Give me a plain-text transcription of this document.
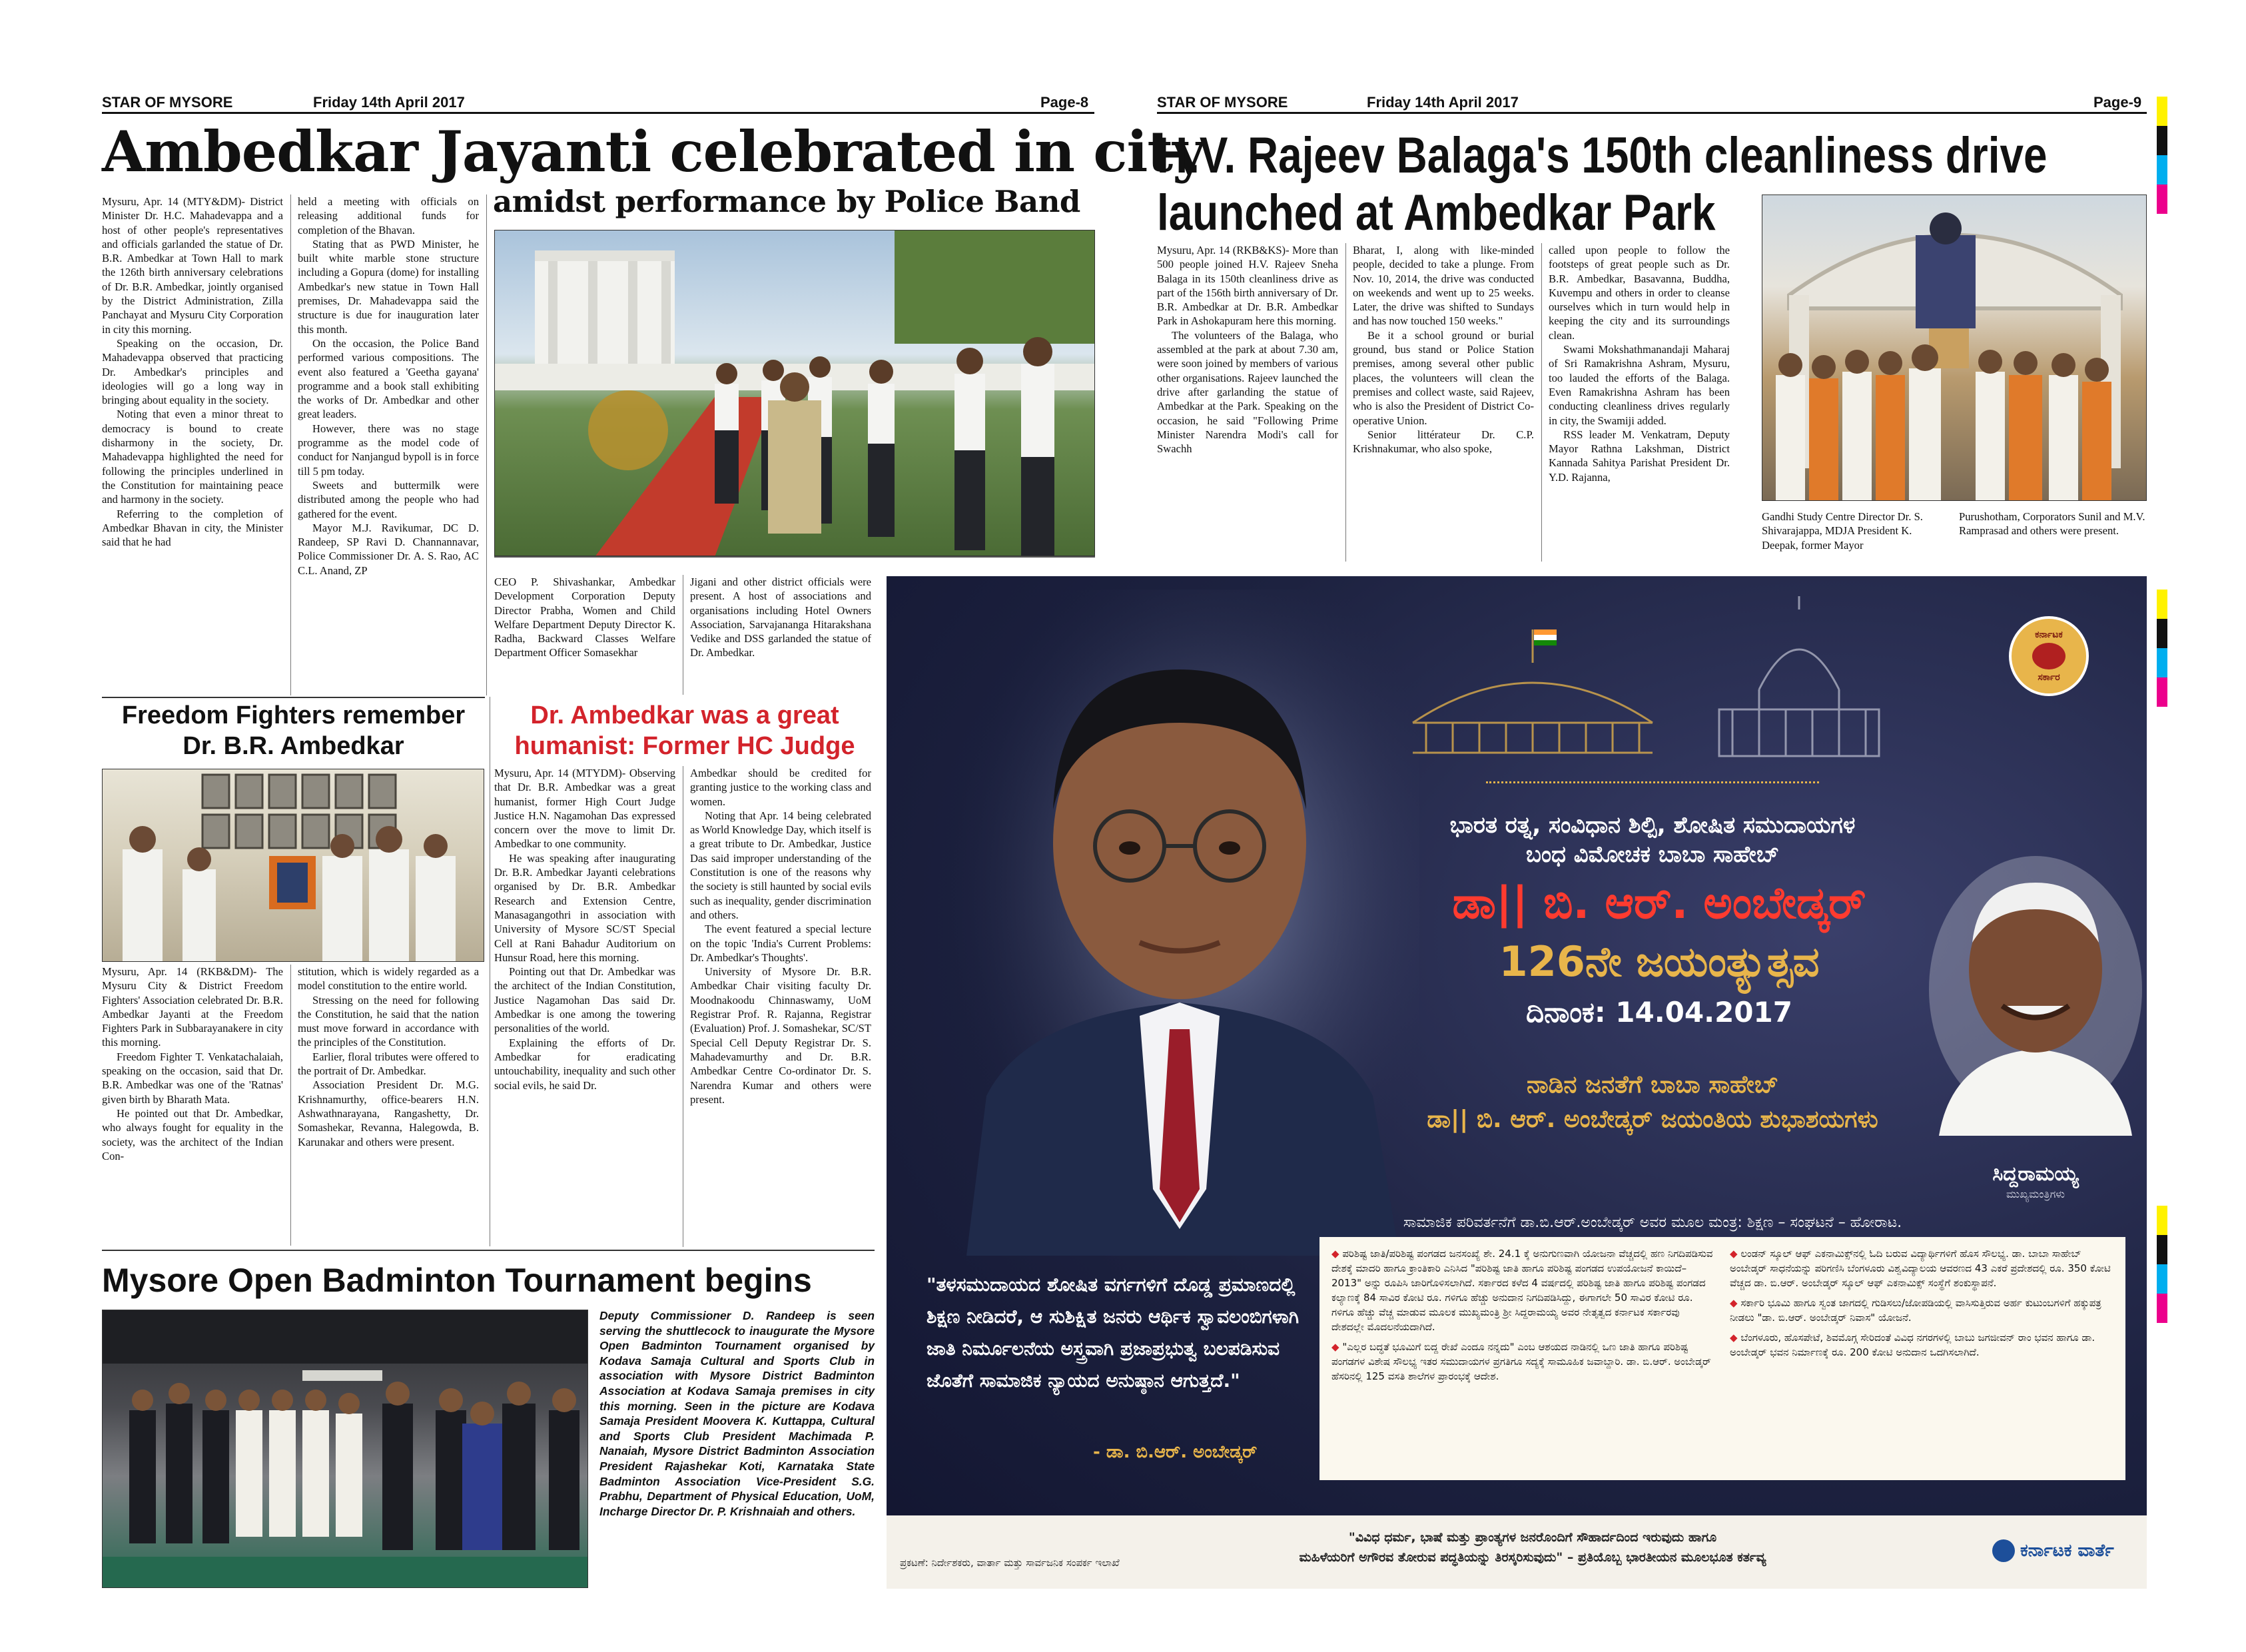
STAR OF MYSORE	Friday 14th April 2017	Page-8	STAR OF MYSORE	Friday 14th April 2017	Page-9
Ambedkar Jayanti celebrated in city
amidst performance by Police Band

Mysuru, Apr. 14 (MTY&DM)- District Minister Dr. H.C. Mahadevappa and a host of other people's representatives and officials garlanded the statue of Dr. B.R. Ambedkar at Town Hall to mark the 126th birth anniversary celebrations of Dr. B.R. Ambedkar, jointly organised by the District Administration, Zilla Panchayat and Mysuru City Corporation in city this morning.

Speaking on the occasion, Dr. Mahadevappa observed that practicing Dr. Ambedkar's principles and ideologies will go a long way in bringing about equality in the society.

Noting that even a minor threat to democracy is bound to create disharmony in the society, Dr. Mahadevappa highlighted the need for following the principles underlined in the Constitution for maintaining peace and harmony in the society.

Referring to the completion of Ambedkar Bhavan in city, the Minister said that he had

held a meeting with officials on releasing additional funds for completion of the Bhavan.

Stating that as PWD Minister, he built white marble stone structure including a Gopura (dome) for installing Ambedkar's new statue in Town Hall premises, Dr. Mahadevappa said the structure is due for inauguration later this month.

On the occasion, the Police Band performed various compositions. The event also featured a 'Geetha gayana' programme and a book stall exhibiting the works of Dr. Ambedkar and other great leaders.

However, there was no stage programme as the model code of conduct for Nanjangud bypoll is in force till 5 pm today.

Sweets and buttermilk were distributed among the people who had gathered for the event.

Mayor M.J. Ravikumar, DC D. Randeep, SP Ravi D. Channannavar, Police Commissioner Dr. A. S. Rao, AC C.L. Anand, ZP

CEO P. Shivashankar, Ambedkar Development Corporation Deputy Director Prabha, Women and Child Welfare Department Deputy Director K. Radha, Backward Classes Welfare Department Officer Somasekhar

Jigani and other district officials were present. A host of associations and organisations including Hotel Owners Association, Sarvajananga Hitarakshana Vedike and DSS garlanded the statue of Dr. Ambedkar.

Freedom Fighters remember
Dr. B.R. Ambedkar

Mysuru, Apr. 14 (RKB&DM)- The Mysuru City & District Freedom Fighters' Association celebrated Dr. B.R. Ambedkar Jayanti at the Freedom Fighters Park in Subbarayanakere in city this morning.

Freedom Fighter T. Venkatachalaiah, speaking on the occasion, said that Dr. B.R. Ambedkar was one of the 'Ratnas' given birth by Bharath Mata.

He pointed out that Dr. Ambedkar, who always fought for equality in the society, was the architect of the Indian Con-

stitution, which is widely regarded as a model constitution to the entire world.

Stressing on the need for following the Constitution, he said that the nation must move forward in accordance with the principles of the Constitution.

Earlier, floral tributes were offered to the portrait of Dr. Ambedkar.

Association President Dr. M.G. Krishnamurthy, office-bearers H.N. Ashwathnarayana, Rangashetty, Dr. Somashekar, Revanna, Halegowda, B. Karunakar and others were present.

Dr. Ambedkar was a great
humanist: Former HC Judge

Mysuru, Apr. 14 (MTYDM)- Observing that Dr. B.R. Ambedkar was a great humanist, former High Court Judge Justice H.N. Nagamohan Das expressed concern over the move to limit Dr. Ambedkar to one community.

He was speaking after inaugurating Dr. B.R. Ambedkar Jayanti celebrations organised by Dr. B.R. Ambedkar Research and Extension Centre, Manasagangothri in association with University of Mysore SC/ST Special Cell at Rani Bahadur Auditorium on Hunsur Road, here this morning.

Pointing out that Dr. Ambedkar was the architect of the Indian Constitution, Justice Nagamohan Das said Dr. Ambedkar is one among the towering personalities of the world.

Explaining the efforts of Dr. Ambedkar for eradicating untouchability, inequality and such other social evils, he said Dr.

Ambedkar should be credited for granting justice to the working class and women.

Noting that Apr. 14 being celebrated as World Knowledge Day, which itself is a great tribute to Dr. Ambedkar, Justice Das said improper understanding of the Constitution is one of the reasons why the society is still haunted by social evils such as inequality, gender discrimination and others.

The event featured a special lecture on the topic 'India's Current Problems: Dr. Ambedkar's Thoughts'.

University of Mysore Dr. B.R. Ambedkar Chair visiting faculty Dr. Moodnakoodu Chinnaswamy, UoM Registrar Prof. R. Rajanna, Registrar (Evaluation) Prof. J. Somashekar, SC/ST Special Cell Deputy Registrar Dr. S. Mahadevamurthy and Dr. B.R. Ambedkar Centre Co-ordinator Dr. S. Narendra Kumar and others were present.

Mysore Open Badminton Tournament begins
Deputy Commissioner D. Randeep is seen serving the shuttlecock to inaugurate the Mysore Open Badminton Tournament organised by Kodava Samaja Cultural and Sports Club in association with Mysore District Badminton Association at Kodava Samaja premises in city this morning. Seen in the picture are Kodava Samaja President Moovera K. Kuttappa, Cultural and Sports Club President Machimada P. Nanaiah, Mysore District Badminton Association President Rajashekar Koti, Karnataka State Badminton Association Vice-President S.G. Prabhu, Department of Physical Education, UoM, Incharge Director Dr. P. Krishnaiah and others.
H.V. Rajeev Balaga's 150th cleanliness drive
launched at Ambedkar Park

Mysuru, Apr. 14 (RKB&KS)- More than 500 people joined H.V. Rajeev Sneha Balaga in its 150th cleanliness drive as part of the 156th birth anniversary of Dr. B.R. Ambedkar at Dr. B.R. Ambedkar Park in Ashokapuram here this morning.

The volunteers of the Balaga, who assembled at the park at about 7.30 am, were soon joined by members of various other organisations. Rajeev launched the drive after garlanding the statue of Ambedkar at the Park. Speaking on the occasion, he said "Following Prime Minister Narendra Modi's call for Swachh

Bharat, I, along with like-minded people, decided to take a plunge. From Nov. 10, 2014, the drive was conducted on weekends and went up to 25 weeks. Later, the drive was shifted to Sundays and has now touched 150 weeks."

Be it a school ground or burial ground, bus stand or Police Station premises, among several other public places, the volunteers will clean the premises and collect waste, said Rajeev, who is also the President of District Co-operative Union.

Senior littérateur Dr. C.P. Krishnakumar, who also spoke,

called upon people to follow the footsteps of great people such as Dr. B.R. Ambedkar, Basavanna, Buddha, Kuvempu and others in order to cleanse ourselves which in turn would help in keeping the city and its surroundings clean.

Swami Mokshathmanandaji Maharaj of Sri Ramakrishna Ashram, Mysuru, too lauded the efforts of the Balaga. Even Ramakrishna Ashram has been conducting cleanliness drives regularly in city, the Swamiji added.

RSS leader M. Venkatram, Deputy Mayor Rathna Lakshman, District Kannada Sahitya Parishat President Dr. Y.D. Rajanna,

Gandhi Study Centre Director Dr. S. Shivarajappa, MDJA President K. Deepak, former Mayor
Purushotham, Corporators Sunil and M.V. Ramprasad and others were present.
ಕರ್ನಾಟಕ
ಸರ್ಕಾರ
ಭಾರತ ರತ್ನ, ಸಂವಿಧಾನ ಶಿಲ್ಪಿ, ಶೋಷಿತ ಸಮುದಾಯಗಳ
ಬಂಧ ವಿಮೋಚಕ ಬಾಬಾ ಸಾಹೇಬ್
ಡಾ|| ಬಿ. ಆರ್. ಅಂಬೇಡ್ಕರ್
126ನೇ ಜಯಂತ್ಯುತ್ಸವ
ದಿನಾಂಕ: 14.04.2017
ನಾಡಿನ ಜನತೆಗೆ ಬಾಬಾ ಸಾಹೇಬ್
ಡಾ|| ಬಿ. ಆರ್. ಅಂಬೇಡ್ಕರ್ ಜಯಂತಿಯ ಶುಭಾಶಯಗಳು
ಸಿದ್ದರಾಮಯ್ಯ
ಮುಖ್ಯಮಂತ್ರಿಗಳು
ಸಾಮಾಜಿಕ ಪರಿವರ್ತನೆಗೆ ಡಾ.ಬಿ.ಆರ್.ಅಂಬೇಡ್ಕರ್ ಅವರ ಮೂಲ ಮಂತ್ರ: ಶಿಕ್ಷಣ – ಸಂಘಟನೆ – ಹೋರಾಟ.
"ತಳಸಮುದಾಯದ ಶೋಷಿತ ವರ್ಗಗಳಿಗೆ ದೊಡ್ಡ ಪ್ರಮಾಣದಲ್ಲಿ ಶಿಕ್ಷಣ ನೀಡಿದರೆ, ಆ ಸುಶಿಕ್ಷಿತ ಜನರು ಆರ್ಥಿಕ ಸ್ವಾವಲಂಬಿಗಳಾಗಿ ಜಾತಿ ನಿರ್ಮೂಲನೆಯ ಅಸ್ತ್ರವಾಗಿ ಪ್ರಜಾಪ್ರಭುತ್ವ ಬಲಪಡಿಸುವ ಜೊತೆಗೆ ಸಾಮಾಜಿಕ ನ್ಯಾಯದ ಅನುಷ್ಠಾನ ಆಗುತ್ತದೆ."
- ಡಾ. ಬಿ.ಆರ್. ಅಂಬೇಡ್ಕರ್

◆ ಪರಿಶಿಷ್ಟ ಜಾತಿ/ಪರಿಶಿಷ್ಟ ಪಂಗಡದ ಜನಸಂಖ್ಯೆ ಶೇ. 24.1 ಕ್ಕೆ ಅನುಗುಣವಾಗಿ ಯೋಜನಾ ವೆಚ್ಚದಲ್ಲಿ ಹಣ ನಿಗದಿಪಡಿಸುವ ದೇಶಕ್ಕೆ ಮಾದರಿ ಹಾಗೂ ಕ್ರಾಂತಿಕಾರಿ ಎನಿಸಿದ "ಪರಿಶಿಷ್ಟ ಜಾತಿ ಹಾಗೂ ಪರಿಶಿಷ್ಟ ಪಂಗಡದ ಉಪಯೋಜನೆ ಕಾಯಿದೆ–2013" ಅನ್ನು ರೂಪಿಸಿ ಜಾರಿಗೊಳಿಸಲಾಗಿದೆ. ಸರ್ಕಾರದ ಕಳೆದ 4 ವರ್ಷದಲ್ಲಿ ಪರಿಶಿಷ್ಟ ಜಾತಿ ಹಾಗೂ ಪರಿಶಿಷ್ಟ ಪಂಗಡದ ಕಲ್ಯಾಣಕ್ಕೆ 84 ಸಾವಿರ ಕೋಟಿ ರೂ. ಗಳಿಗೂ ಹೆಚ್ಚು ಅನುದಾನ ನಿಗದಿಪಡಿಸಿದ್ದು, ಈಗಾಗಲೇ 50 ಸಾವಿರ ಕೋಟಿ ರೂ. ಗಳಿಗೂ ಹೆಚ್ಚು ವೆಚ್ಚ ಮಾಡುವ ಮೂಲಕ ಮುಖ್ಯಮಂತ್ರಿ ಶ್ರೀ ಸಿದ್ದರಾಮಯ್ಯ ಅವರ ನೇತೃತ್ವದ ಕರ್ನಾಟಕ ಸರ್ಕಾರವು ದೇಶದಲ್ಲೇ ಮೊದಲನೆಯದಾಗಿದೆ.

◆ "ಎಲ್ಲರ ಬದ್ಧತೆ ಭೂಮಿಗೆ ಬಿದ್ದ ರೇಖೆ ಎಂದೂ ನನ್ನದು" ಎಂಬ ಆಶಯದ ನಾಡಿನಲ್ಲಿ ಒಣ ಜಾತಿ ಹಾಗೂ ಪರಿಶಿಷ್ಟ ಪಂಗಡಗಳ ವಿಶೇಷ ಸೌಲಭ್ಯ ಇತರ ಸಮುದಾಯಗಳ ಪ್ರಗತಿಗೂ ಸದ್ಯಕ್ಕೆ ಸಾಮೂಹಿಕ ಜವಾಬ್ದಾರಿ. ಡಾ. ಬಿ.ಆರ್. ಅಂಬೇಡ್ಕರ್ ಹೆಸರಿನಲ್ಲಿ 125 ವಸತಿ ಶಾಲೆಗಳ ಪ್ರಾರಂಭಕ್ಕೆ ಆದೇಶ.

◆ ಲಂಡನ್ ಸ್ಕೂಲ್ ಆಫ್ ಎಕನಾಮಿಕ್ಸ್‌ನಲ್ಲಿ ಓದಿ ಬರುವ ವಿದ್ಯಾರ್ಥಿಗಳಿಗೆ ಹೊಸ ಸೌಲಭ್ಯ. ಡಾ. ಬಾಬಾ ಸಾಹೇಬ್ ಅಂಬೇಡ್ಕರ್ ಸಾಧನೆಯನ್ನು ಪರಿಗಣಿಸಿ ಬೆಂಗಳೂರು ವಿಶ್ವವಿದ್ಯಾಲಯ ಆವರಣದ 43 ಎಕರೆ ಪ್ರದೇಶದಲ್ಲಿ ರೂ. 350 ಕೋಟಿ ವೆಚ್ಚದ ಡಾ. ಬಿ.ಆರ್. ಅಂಬೇಡ್ಕರ್ ಸ್ಕೂಲ್ ಆಫ್ ಎಕನಾಮಿಕ್ಸ್ ಸಂಸ್ಥೆಗೆ ಶಂಕುಸ್ಥಾಪನೆ.

◆ ಸರ್ಕಾರಿ ಭೂಮಿ ಹಾಗೂ ಸ್ವಂತ ಜಾಗದಲ್ಲಿ ಗುಡಿಸಲು/ಜೋಪಡಿಯಲ್ಲಿ ವಾಸಿಸುತ್ತಿರುವ ಅರ್ಹ ಕುಟುಂಬಗಳಿಗೆ ಹಕ್ಕುಪತ್ರ ನೀಡಲು "ಡಾ. ಬಿ.ಆರ್. ಅಂಬೇಡ್ಕರ್ ನಿವಾಸ" ಯೋಜನೆ.

◆ ಬೆಂಗಳೂರು, ಹೊಸಪೇಟೆ, ಶಿವಮೊಗ್ಗ ಸೇರಿದಂತೆ ವಿವಿಧ ನಗರಗಳಲ್ಲಿ ಬಾಬು ಜಗಜೀವನ್ ರಾಂ ಭವನ ಹಾಗೂ ಡಾ. ಅಂಬೇಡ್ಕರ್ ಭವನ ನಿರ್ಮಾಣಕ್ಕೆ ರೂ. 200 ಕೋಟಿ ಅನುದಾನ ಒದಗಿಸಲಾಗಿದೆ.

ಪ್ರಕಟಣೆ: ನಿರ್ದೇಶಕರು, ವಾರ್ತಾ ಮತ್ತು ಸಾರ್ವಜನಿಕ ಸಂಪರ್ಕ ಇಲಾಖೆ
"ವಿವಿಧ ಧರ್ಮ, ಭಾಷೆ ಮತ್ತು ಪ್ರಾಂತ್ಯಗಳ ಜನರೊಂದಿಗೆ ಸೌಹಾರ್ದದಿಂದ ಇರುವುದು ಹಾಗೂ
ಮಹಿಳೆಯರಿಗೆ ಅಗೌರವ ತೋರುವ ಪದ್ಧತಿಯನ್ನು ತಿರಸ್ಕರಿಸುವುದು" – ಪ್ರತಿಯೊಬ್ಬ ಭಾರತೀಯನ ಮೂಲಭೂತ ಕರ್ತವ್ಯ	ಕರ್ನಾಟಕ ವಾರ್ತೆ
